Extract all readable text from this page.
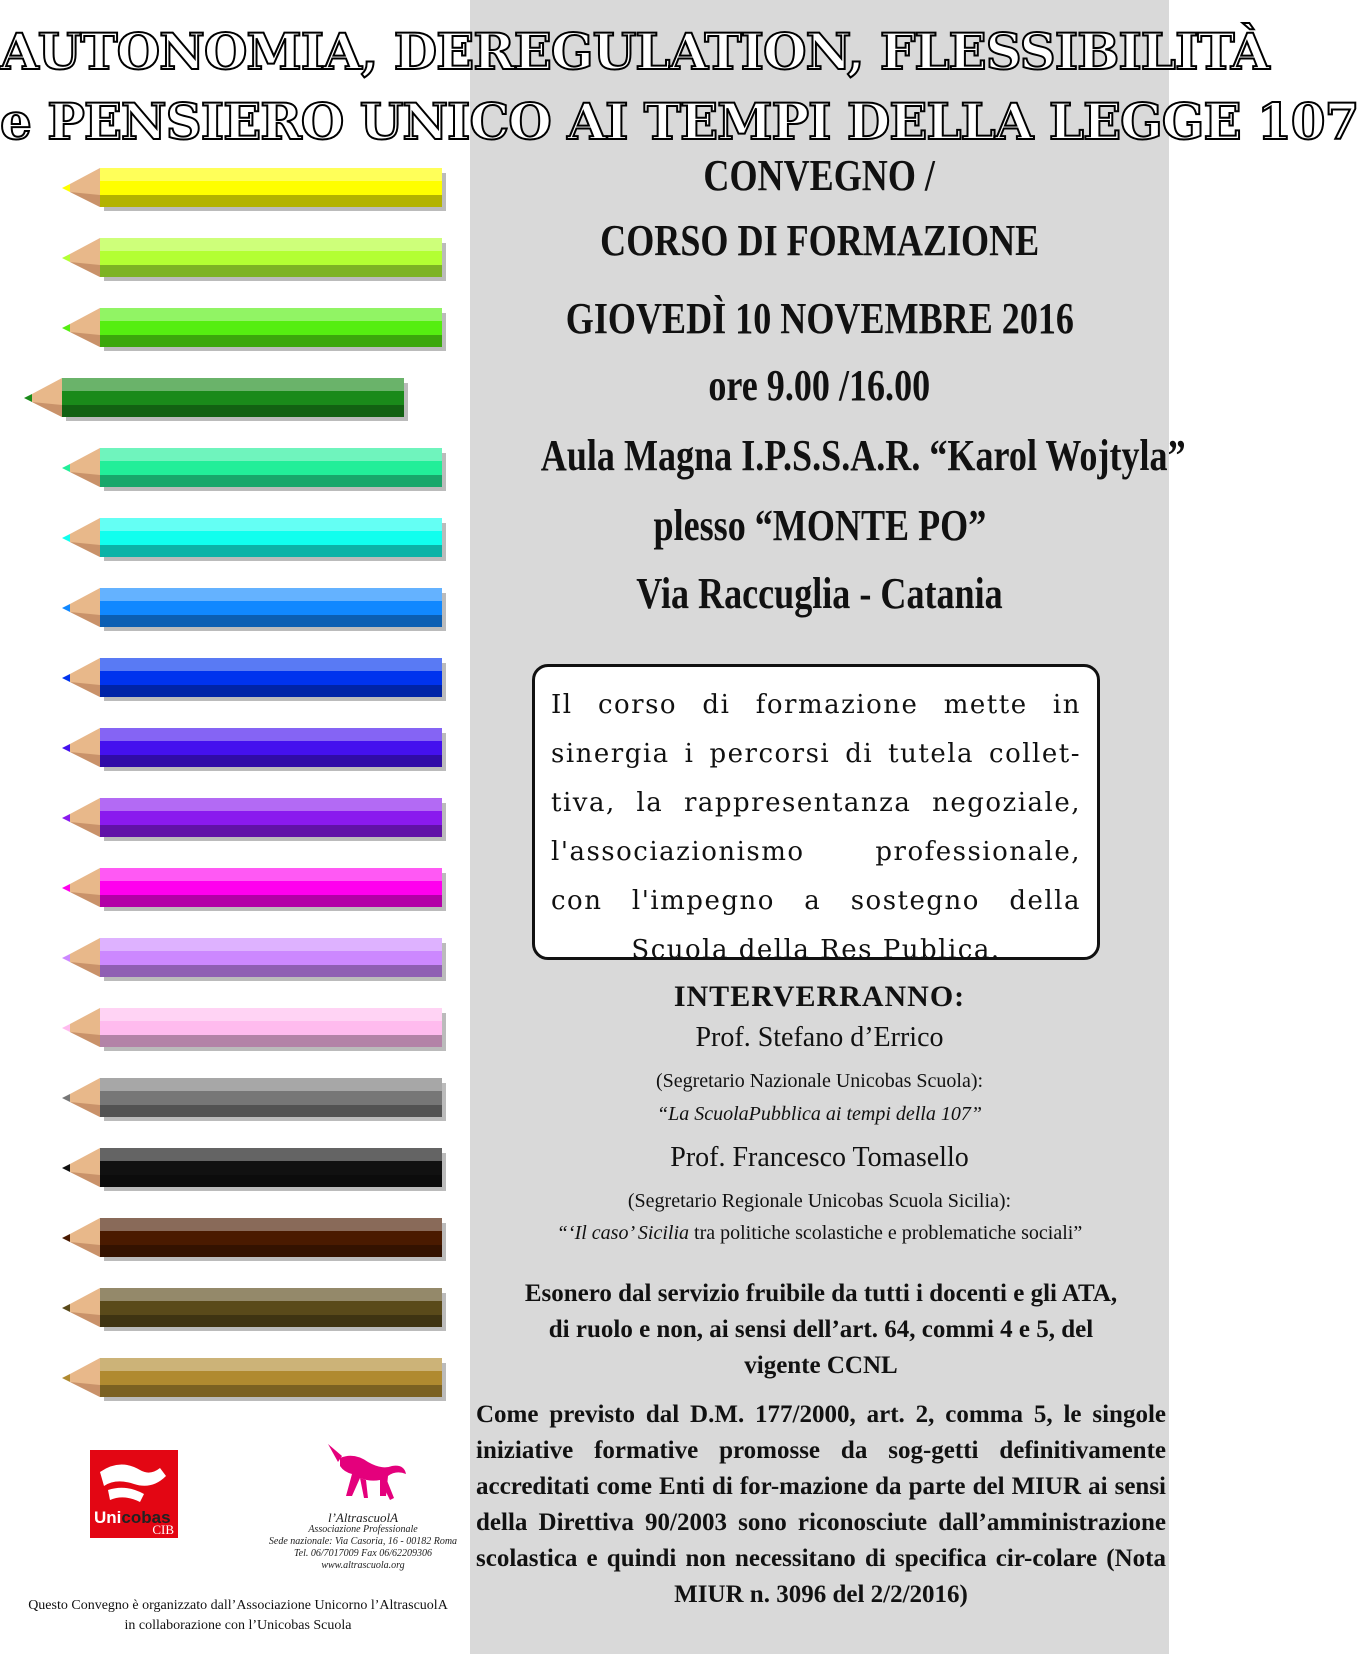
AUTONOMIA, DEREGULATION, FLESSIBILITÀ
e PENSIERO UNICO AI TEMPI DELLA LEGGE 107
CONVEGNO /
CORSO DI FORMAZIONE
GIOVEDÌ 10 NOVEMBRE 2016
ore 9.00 /16.00
Aula Magna I.P.S.S.A.R. “Karol Wojtyla”
plesso “MONTE PO”
Via Raccuglia - Catania
Il corso di formazione mette in sinergia i percorsi di tutela collet-tiva, la rappresentanza negoziale, l'associazionismo professionale, con l'impegno a sostegno della Scuola della Res Publica.
INTERVERRANNO:
Prof. Stefano d’Errico
(Segretario Nazionale Unicobas Scuola):
“La ScuolaPubblica ai tempi della 107”
Prof. Francesco Tomasello
(Segretario Regionale Unicobas Scuola Sicilia):
“‘Il caso’ Sicilia tra politiche scolastiche e problematiche sociali”
Esonero dal servizio fruibile da tutti i docenti e gli ATA, di ruolo e non, ai sensi dell’art. 64, commi 4 e 5, del vigente CCNL
Come previsto dal D.M. 177/2000, art. 2, comma 5, le singole iniziative formative promosse da sog-getti definitivamente accreditati come Enti di for-mazione da parte del MIUR ai sensi della Direttiva 90/2003 sono riconosciute dall’amministrazione scolastica e quindi non necessitano di specifica cir-colare (Nota MIUR n. 3096 del 2/2/2016)
Unicobas
CIB
l’AltrascuolA
Associazione Professionale
Sede nazionale: Via Casoria, 16 - 00182 Roma
Tel. 06/7017009 Fax 06/62209306
www.altrascuola.org
Questo Convegno è organizzato dall’Associazione Unicorno l’AltrascuolA
in collaborazione con l’Unicobas Scuola
